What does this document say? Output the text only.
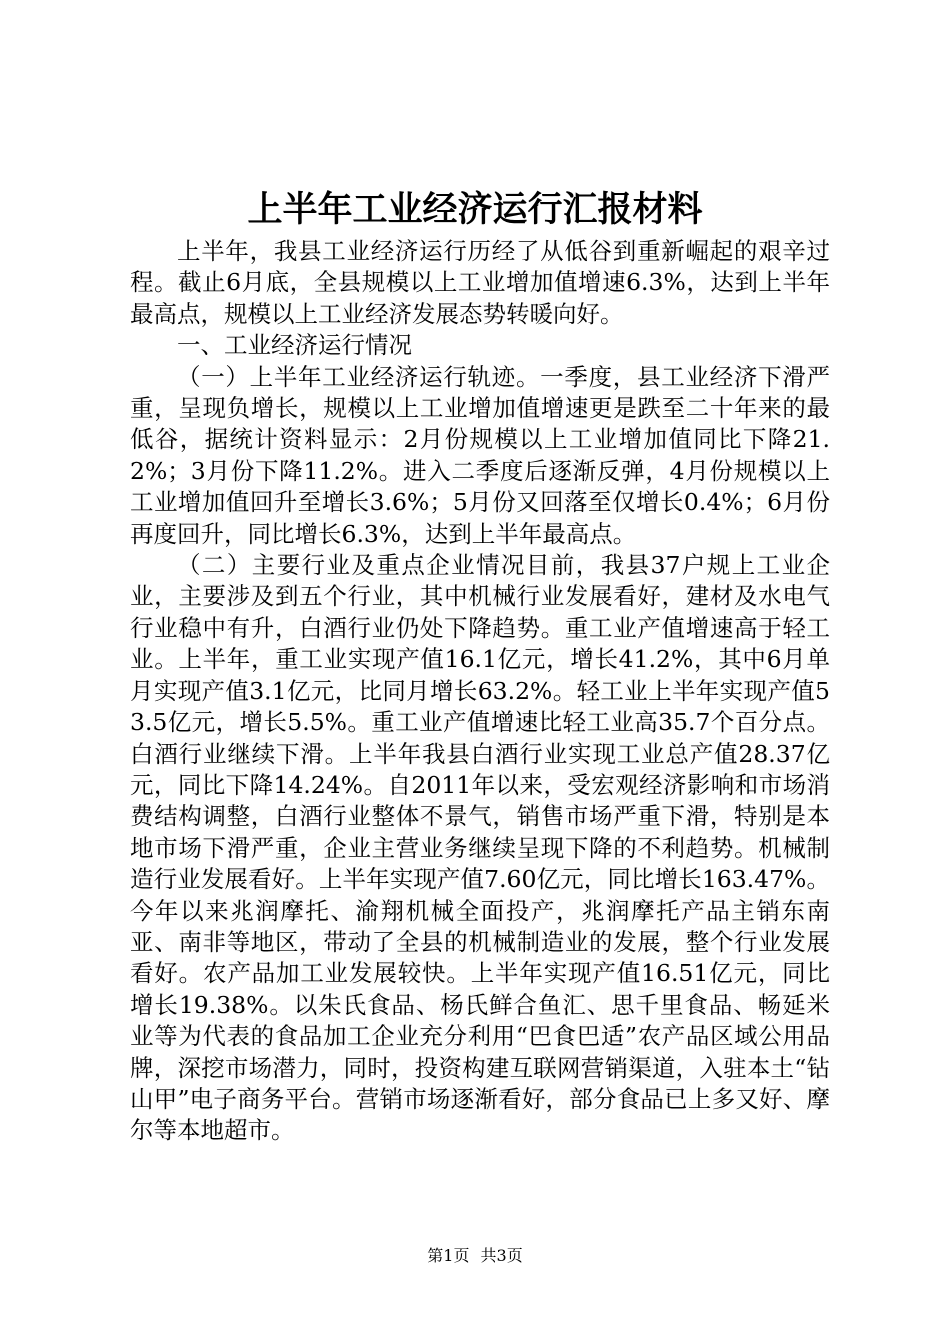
上半年工业经济运行汇报材料

上半年，我县工业经济运行历经了从低谷到重新崛起的艰辛过程。截止6月底，全县规模以上工业增加值增速6.3%，达到上半年最高点，规模以上工业经济发展态势转暖向好。

一、工业经济运行情况

（一）上半年工业经济运行轨迹。一季度，县工业经济下滑严重，呈现负增长，规模以上工业增加值增速更是跌至二十年来的最低谷，据统计资料显示：2月份规模以上工业增加值同比下降21.2%；3月份下降11.2%。进入二季度后逐渐反弹，4月份规模以上工业增加值回升至增长3.6%；5月份又回落至仅增长0.4%；6月份再度回升，同比增长6.3%，达到上半年最高点。

（二）主要行业及重点企业情况目前，我县37户规上工业企业，主要涉及到五个行业，其中机械行业发展看好，建材及水电气行业稳中有升，白酒行业仍处下降趋势。重工业产值增速高于轻工业。上半年，重工业实现产值16.1亿元，增长41.2%，其中6月单月实现产值3.1亿元，比同月增长63.2%。轻工业上半年实现产值53.5亿元，增长5.5%。重工业产值增速比轻工业高35.7个百分点。白酒行业继续下滑。上半年我县白酒行业实现工业总产值28.37亿元，同比下降14.24%。自2011年以来，受宏观经济影响和市场消费结构调整，白酒行业整体不景气，销售市场严重下滑，特别是本地市场下滑严重，企业主营业务继续呈现下降的不利趋势。机械制造行业发展看好。上半年实现产值7.60亿元，同比增长163.47%。今年以来兆润摩托、渝翔机械全面投产，兆润摩托产品主销东南亚、南非等地区，带动了全县的机械制造业的发展，整个行业发展看好。农产品加工业发展较快。上半年实现产值16.51亿元，同比增长19.38%。以朱氏食品、杨氏鲜合鱼汇、思千里食品、畅延米业等为代表的食品加工企业充分利用“巴食巴适”农产品区域公用品牌，深挖市场潜力，同时，投资构建互联网营销渠道，入驻本土“钻山甲”电子商务平台。营销市场逐渐看好，部分食品已上多又好、摩尔等本地超市。

第1页 共3页
